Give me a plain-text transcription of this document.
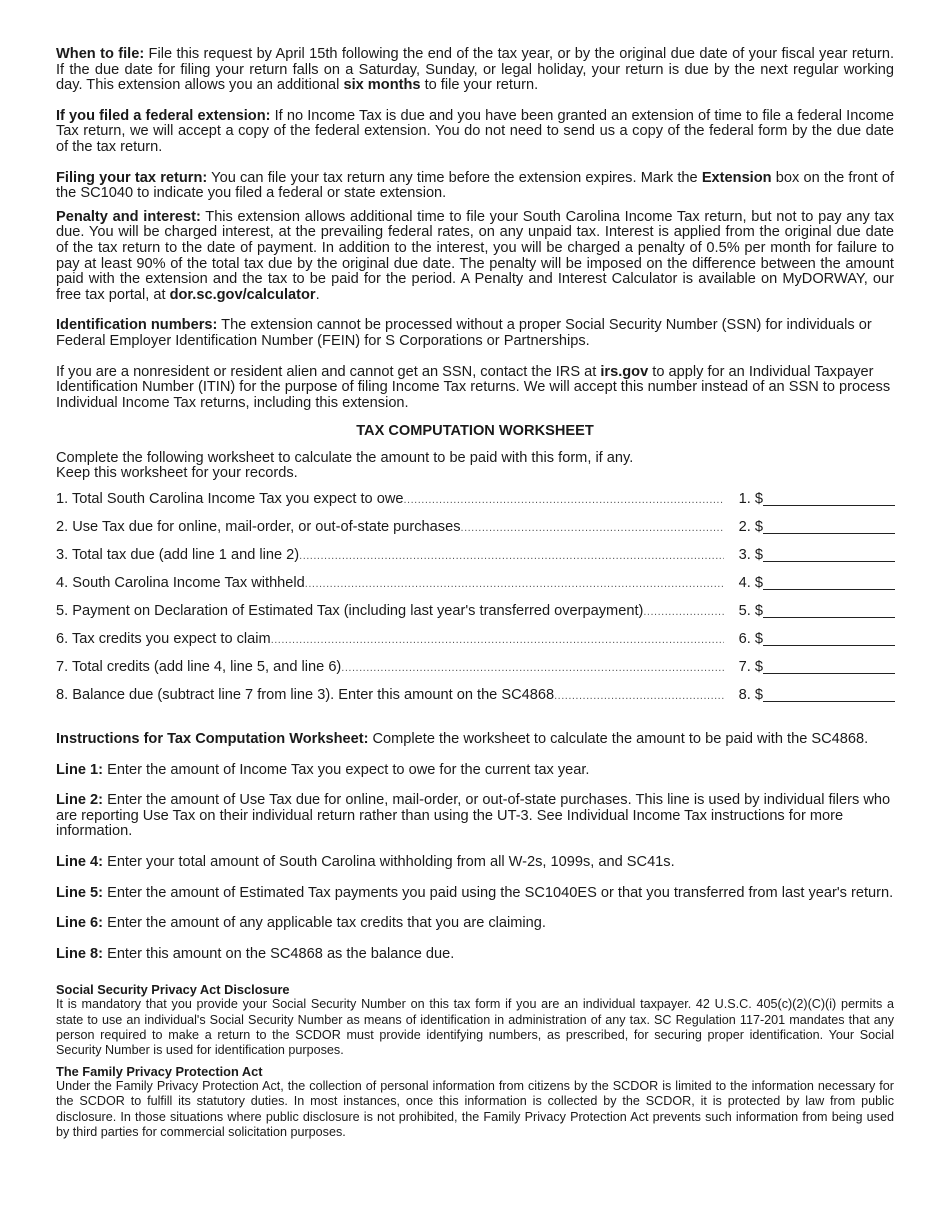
When to file: File this request by April 15th following the end of the tax year, or by the original due date of your fiscal year return. If the due date for filing your return falls on a Saturday, Sunday, or legal holiday, your return is due by the next regular working day. This extension allows you an additional six months to file your return.

If you filed a federal extension: If no Income Tax is due and you have been granted an extension of time to file a federal Income Tax return, we will accept a copy of the federal extension. You do not need to send us a copy of the federal form by the due date of the tax return.

Filing your tax return: You can file your tax return any time before the extension expires. Mark the Extension box on the front of the SC1040 to indicate you filed a federal or state extension.

Penalty and interest: This extension allows additional time to file your South Carolina Income Tax return, but not to pay any tax due. You will be charged interest, at the prevailing federal rates, on any unpaid tax. Interest is applied from the original due date of the tax return to the date of payment. In addition to the interest, you will be charged a penalty of 0.5% per month for failure to pay at least 90% of the total tax due by the original due date. The penalty will be imposed on the difference between the amount paid with the extension and the tax to be paid for the period. A Penalty and Interest Calculator is available on MyDORWAY, our free tax portal, at dor.sc.gov/calculator.

Identification numbers: The extension cannot be processed without a proper Social Security Number (SSN) for individuals or Federal Employer Identification Number (FEIN) for S Corporations or Partnerships.

If you are a nonresident or resident alien and cannot get an SSN, contact the IRS at irs.gov to apply for an Individual Taxpayer Identification Number (ITIN) for the purpose of filing Income Tax returns. We will accept this number instead of an SSN to process Individual Income Tax returns, including this extension.

TAX COMPUTATION WORKSHEET

Complete the following worksheet to calculate the amount to be paid with this form, if any.

Keep this worksheet for your records.

1. Total South Carolina Income Tax you expect to owe .....	1. $
2. Use Tax due for online, mail-order, or out-of-state purchases .....	2. $
3. Total tax due (add line 1 and line 2) .....	3. $
4. South Carolina Income Tax withheld .....	4. $
5. Payment on Declaration of Estimated Tax (including last year's transferred overpayment) .....	5. $
6. Tax credits you expect to claim .....	6. $
7. Total credits (add line 4, line 5, and line 6) .....	7. $
8. Balance due (subtract line 7 from line 3). Enter this amount on the SC4868 .....	8. $

Instructions for Tax Computation Worksheet: Complete the worksheet to calculate the amount to be paid with the SC4868.

Line 1: Enter the amount of Income Tax you expect to owe for the current tax year.

Line 2: Enter the amount of Use Tax due for online, mail-order, or out-of-state purchases. This line is used by individual filers who are reporting Use Tax on their individual return rather than using the UT-3. See Individual Income Tax instructions for more information.

Line 4: Enter your total amount of South Carolina withholding from all W-2s, 1099s, and SC41s.

Line 5: Enter the amount of Estimated Tax payments you paid using the SC1040ES or that you transferred from last year's return.

Line 6: Enter the amount of any applicable tax credits that you are claiming.

Line 8: Enter this amount on the SC4868 as the balance due.

Social Security Privacy Act Disclosure

It is mandatory that you provide your Social Security Number on this tax form if you are an individual taxpayer. 42 U.S.C. 405(c)(2)(C)(i) permits a state to use an individual's Social Security Number as means of identification in administration of any tax. SC Regulation 117-201 mandates that any person required to make a return to the SCDOR must provide identifying numbers, as prescribed, for securing proper identification. Your Social Security Number is used for identification purposes.

The Family Privacy Protection Act

Under the Family Privacy Protection Act, the collection of personal information from citizens by the SCDOR is limited to the information necessary for the SCDOR to fulfill its statutory duties. In most instances, once this information is collected by the SCDOR, it is protected by law from public disclosure. In those situations where public disclosure is not prohibited, the Family Privacy Protection Act prevents such information from being used by third parties for commercial solicitation purposes.
